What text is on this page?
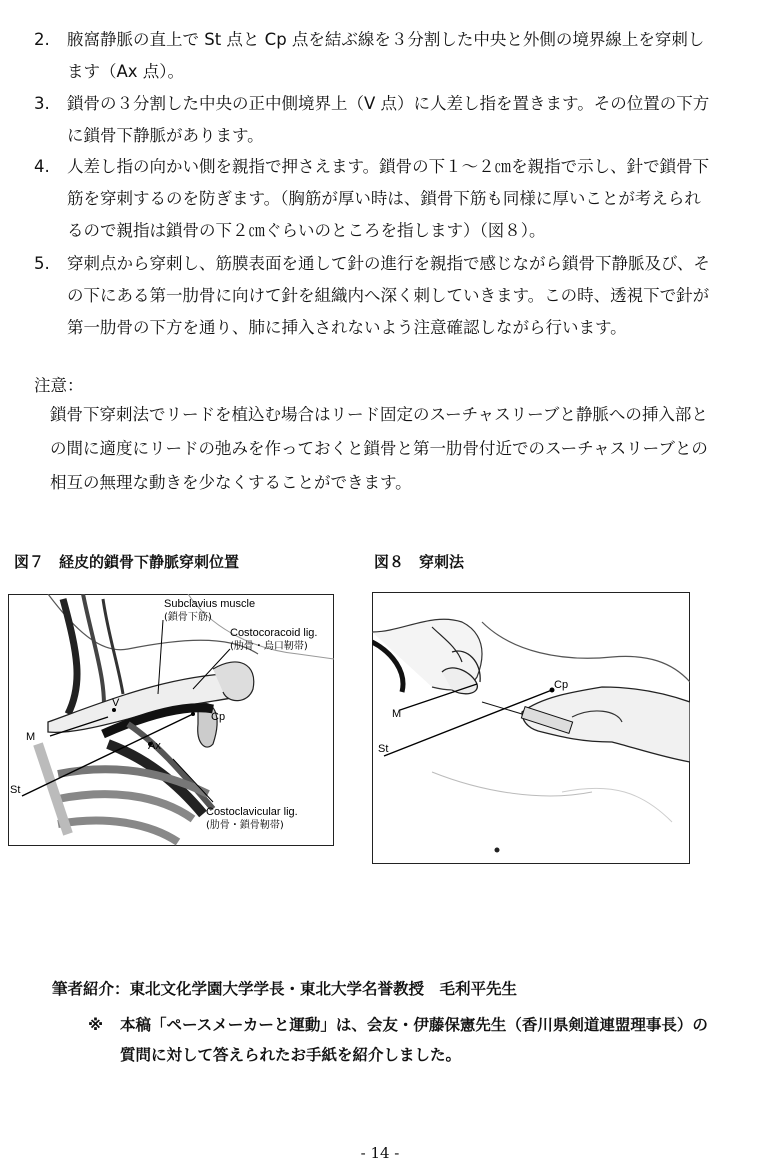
2. 腋窩静脈の直上で St 点と Cp 点を結ぶ線を３分割した中央と外側の境界線上を穿刺します（Ax 点）。
3. 鎖骨の３分割した中央の正中側境界上（V 点）に人差し指を置きます。その位置の下方に鎖骨下静脈があります。
4. 人差し指の向かい側を親指で押さえます。鎖骨の下１～２㎝を親指で示し、針で鎖骨下筋を穿刺するのを防ぎます。（胸筋が厚い時は、鎖骨下筋も同様に厚いことが考えられるので親指は鎖骨の下２㎝ぐらいのところを指します）（図８）。
5. 穿刺点から穿刺し、筋膜表面を通して針の進行を親指で感じながら鎖骨下静脈及び、その下にある第一肋骨に向けて針を組織内へ深く刺していきます。この時、透視下で針が第一肋骨の下方を通り、肺に挿入されないよう注意確認しながら行います。
注意：
鎖骨下穿刺法でリードを植込む場合はリード固定のスーチャスリーブと静脈への挿入部との間に適度にリードの弛みを作っておくと鎖骨と第一肋骨付近でのスーチャスリーブとの相互の無理な動きを少なくすることができます。
図７　経皮的鎖骨下静脈穿刺位置	図８　穿刺法
Subclavius muscle
(鎖骨下筋)
Costocoracoid lig.
(肋骨・烏口靭帯)
Costoclavicular lig.
(肋骨・鎖骨靭帯)
V
M
Ax
Cp
St
Cp
M
St
筆者紹介：東北文化学園大学学長・東北大学名誉教授　毛利平先生
※ 本稿「ペースメーカーと運動」は、会友・伊藤保憲先生（香川県剣道連盟理事長）の質問に対して答えられたお手紙を紹介しました。
- 14 -
